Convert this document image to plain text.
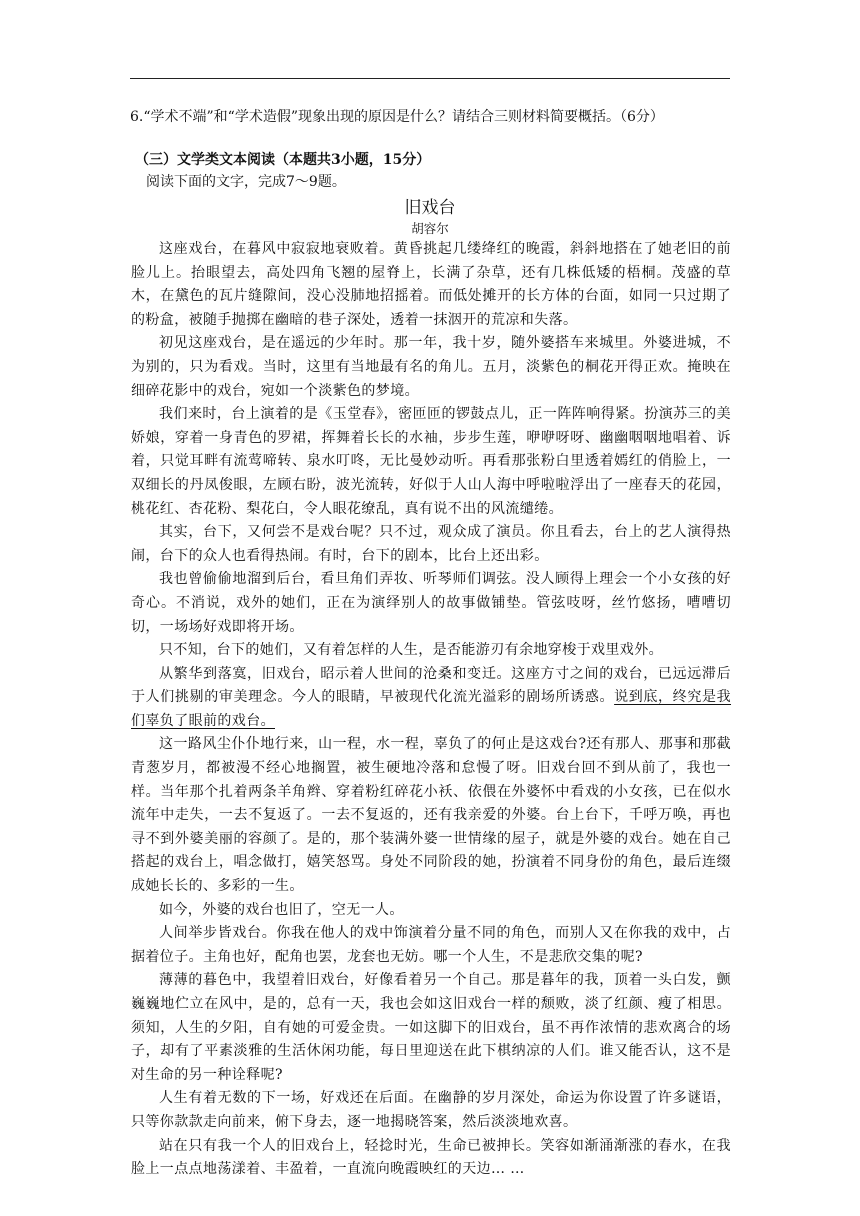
6.“学术不端”和“学术造假”现象出现的原因是什么？请结合三则材料简要概括。（6分）
（三）文学类文本阅读（本题共3小题，15分）
阅读下面的文字，完成7～9题。
旧戏台
胡容尔

这座戏台，在暮风中寂寂地衰败着。黄昏挑起几缕绛红的晚霞，斜斜地搭在了她老旧的前脸儿上。抬眼望去，高处四角飞翘的屋脊上，长满了杂草，还有几株低矮的梧桐。茂盛的草木，在黛色的瓦片缝隙间，没心没肺地招摇着。而低处摊开的长方体的台面，如同一只过期了的粉盒，被随手抛掷在幽暗的巷子深处，透着一抹洇开的荒凉和失落。

初见这座戏台，是在遥远的少年时。那一年，我十岁，随外婆搭车来城里。外婆进城，不为别的，只为看戏。当时，这里有当地最有名的角儿。五月，淡紫色的桐花开得正欢。掩映在细碎花影中的戏台，宛如一个淡紫色的梦境。

我们来时，台上演着的是《玉堂春》，密匝匝的锣鼓点儿，正一阵阵响得紧。扮演苏三的美娇娘，穿着一身青色的罗裙，挥舞着长长的水袖，步步生莲，咿咿呀呀、幽幽咽咽地唱着、诉着，只觉耳畔有流莺啼转、泉水叮咚，无比曼妙动听。再看那张粉白里透着嫣红的俏脸上，一双细长的丹凤俊眼，左顾右盼，波光流转，好似于人山人海中呼啦啦浮出了一座春天的花园，桃花红、杏花粉、梨花白，令人眼花缭乱，真有说不出的风流缱绻。

其实，台下，又何尝不是戏台呢？只不过，观众成了演员。你且看去，台上的艺人演得热闹，台下的众人也看得热闹。有时，台下的剧本，比台上还出彩。

我也曾偷偷地溜到后台，看旦角们弄妆、听琴师们调弦。没人顾得上理会一个小女孩的好奇心。不消说，戏外的她们，正在为演绎别人的故事做铺垫。管弦吱呀，丝竹悠扬，嘈嘈切切，一场场好戏即将开场。

只不知，台下的她们，又有着怎样的人生，是否能游刃有余地穿梭于戏里戏外。

从繁华到落寞，旧戏台，昭示着人世间的沧桑和变迁。这座方寸之间的戏台，已远远滞后于人们挑剔的审美理念。今人的眼睛，早被现代化流光溢彩的剧场所诱惑。说到底，终究是我们辜负了眼前的戏台。

这一路风尘仆仆地行来，山一程，水一程，辜负了的何止是这戏台?还有那人、那事和那截青葱岁月，都被漫不经心地搁置，被生硬地冷落和怠慢了呀。旧戏台回不到从前了，我也一样。当年那个扎着两条羊角辫、穿着粉红碎花小袄、依偎在外婆怀中看戏的小女孩，已在似水流年中走失，一去不复返了。一去不复返的，还有我亲爱的外婆。台上台下，千呼万唤，再也寻不到外婆美丽的容颜了。是的，那个装满外婆一世情缘的屋子，就是外婆的戏台。她在自己搭起的戏台上，唱念做打，嬉笑怒骂。身处不同阶段的她，扮演着不同身份的角色，最后连缀成她长长的、多彩的一生。

如今，外婆的戏台也旧了，空无一人。

人间举步皆戏台。你我在他人的戏中饰演着分量不同的角色，而别人又在你我的戏中，占据着位子。主角也好，配角也罢，龙套也无妨。哪一个人生，不是悲欣交集的呢?

薄薄的暮色中，我望着旧戏台，好像看着另一个自己。那是暮年的我，顶着一头白发，颤巍巍地伫立在风中，是的，总有一天，我也会如这旧戏台一样的颓败，淡了红颜、瘦了相思。须知，人生的夕阳，自有她的可爱金贵。一如这脚下的旧戏台，虽不再作浓情的悲欢离合的场子，却有了平素淡雅的生活休闲功能，每日里迎送在此下棋纳凉的人们。谁又能否认，这不是对生命的另一种诠释呢?

人生有着无数的下一场，好戏还在后面。在幽静的岁月深处，命运为你设置了许多谜语，只等你款款走向前来，俯下身去，逐一地揭晓答案，然后淡淡地欢喜。

站在只有我一个人的旧戏台上，轻捻时光，生命已被抻长。笑容如渐涌渐涨的春水，在我脸上一点点地荡漾着、丰盈着，一直流向晚霞映红的天边… …
